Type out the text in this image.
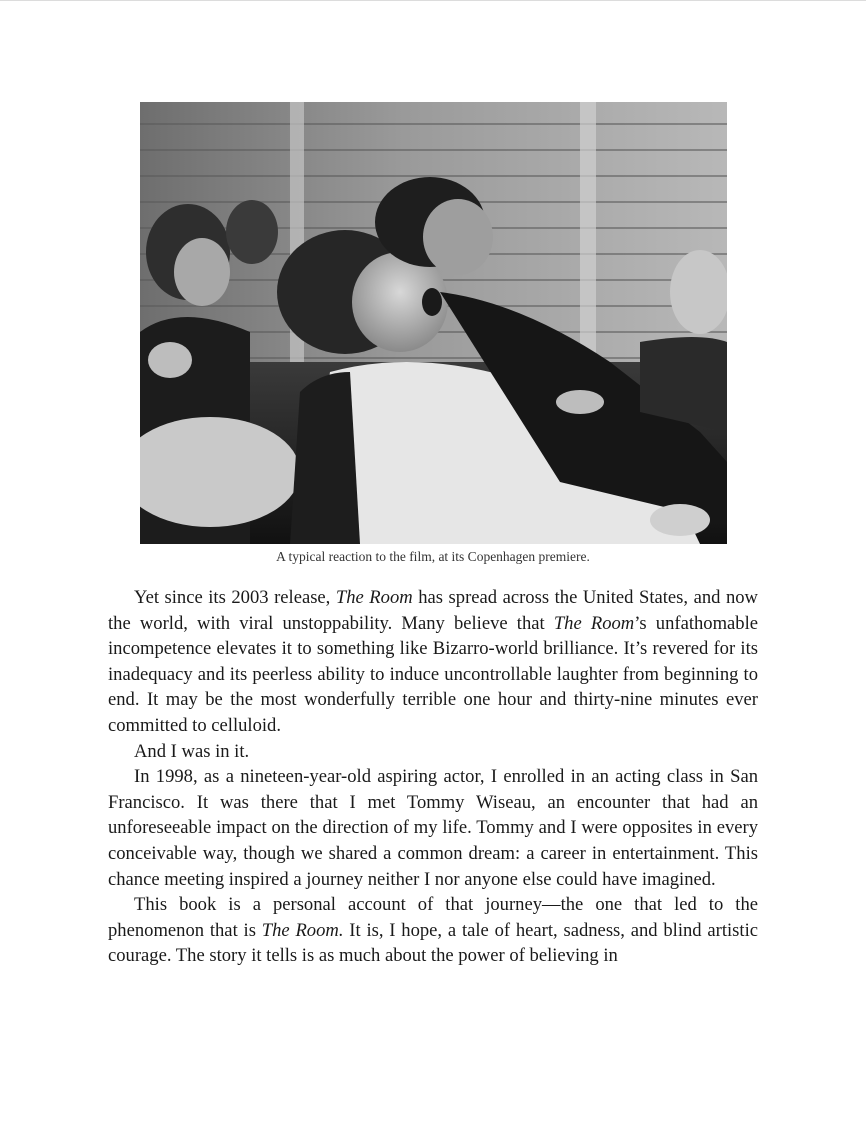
A typical reaction to the film, at its Copenhagen premiere.

Yet since its 2003 release, The Room has spread across the United States, and now the world, with viral unstoppability. Many believe that The Room’s unfathomable incompetence elevates it to something like Bizarro-world brilliance. It’s revered for its inadequacy and its peerless ability to induce uncontrollable laughter from beginning to end. It may be the most wonderfully terrible one hour and thirty-nine minutes ever committed to celluloid.

And I was in it.

In 1998, as a nineteen-year-old aspiring actor, I enrolled in an acting class in San Francisco. It was there that I met Tommy Wiseau, an encounter that had an unforeseeable impact on the direction of my life. Tommy and I were opposites in every conceivable way, though we shared a common dream: a career in entertainment. This chance meeting inspired a journey neither I nor anyone else could have imagined.

This book is a personal account of that journey—the one that led to the phenomenon that is The Room. It is, I hope, a tale of heart, sadness, and blind artistic courage. The story it tells is as much about the power of believing in
